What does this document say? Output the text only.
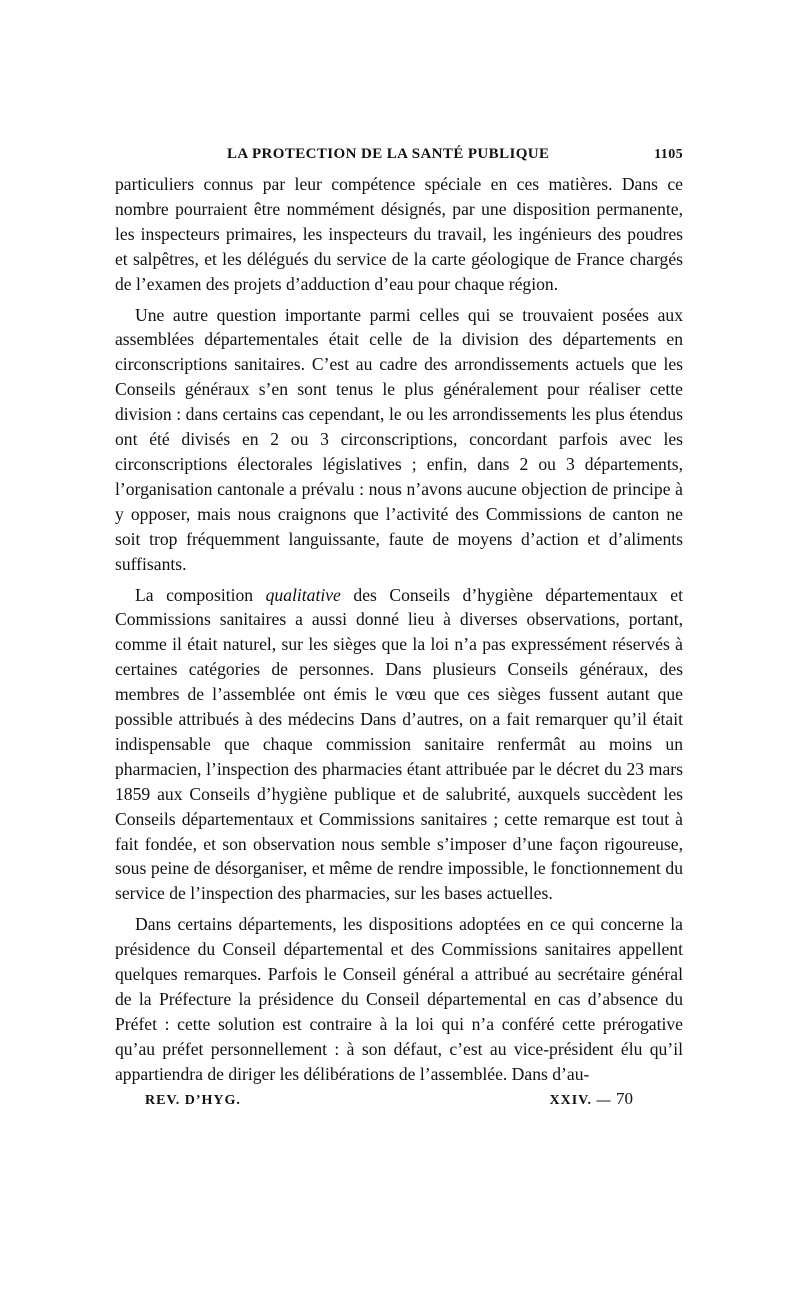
LA PROTECTION DE LA SANTÉ PUBLIQUE	1105

particuliers connus par leur compétence spéciale en ces matières. Dans ce nombre pourraient être nommément désignés, par une disposition permanente, les inspecteurs primaires, les inspecteurs du travail, les ingénieurs des poudres et salpêtres, et les délégués du service de la carte géologique de France chargés de l’examen des projets d’adduction d’eau pour chaque région.

Une autre question importante parmi celles qui se trouvaient posées aux assemblées départementales était celle de la division des départements en circonscriptions sanitaires. C’est au cadre des arrondissements actuels que les Conseils généraux s’en sont tenus le plus généralement pour réaliser cette division : dans certains cas cependant, le ou les arrondissements les plus étendus ont été divisés en 2 ou 3 circonscriptions, concordant parfois avec les circonscriptions électorales législatives ; enfin, dans 2 ou 3 départements, l’organisation cantonale a prévalu : nous n’avons aucune objection de principe à y opposer, mais nous craignons que l’activité des Commissions de canton ne soit trop fréquemment languissante, faute de moyens d’action et d’aliments suffisants.

La composition qualitative des Conseils d’hygiène départementaux et Commissions sanitaires a aussi donné lieu à diverses observations, portant, comme il était naturel, sur les sièges que la loi n’a pas expressément réservés à certaines catégories de personnes. Dans plusieurs Conseils généraux, des membres de l’assemblée ont émis le vœu que ces sièges fussent autant que possible attribués à des médecins Dans d’autres, on a fait remarquer qu’il était indispensable que chaque commission sanitaire renfermât au moins un pharmacien, l’inspection des pharmacies étant attribuée par le décret du 23 mars 1859 aux Conseils d’hygiène publique et de salubrité, auxquels succèdent les Conseils départementaux et Commissions sanitaires ; cette remarque est tout à fait fondée, et son observation nous semble s’imposer d’une façon rigoureuse, sous peine de désorganiser, et même de rendre impossible, le fonctionnement du service de l’inspection des pharmacies, sur les bases actuelles.

Dans certains départements, les dispositions adoptées en ce qui concerne la présidence du Conseil départemental et des Commissions sanitaires appellent quelques remarques. Parfois le Conseil général a attribué au secrétaire général de la Préfecture la présidence du Conseil départemental en cas d’absence du Préfet : cette solution est contraire à la loi qui n’a conféré cette prérogative qu’au préfet personnellement : à son défaut, c’est au vice-président élu qu’il appartiendra de diriger les délibérations de l’assemblée. Dans d’au-

REV. D’HYG.	XXIV. — 70
